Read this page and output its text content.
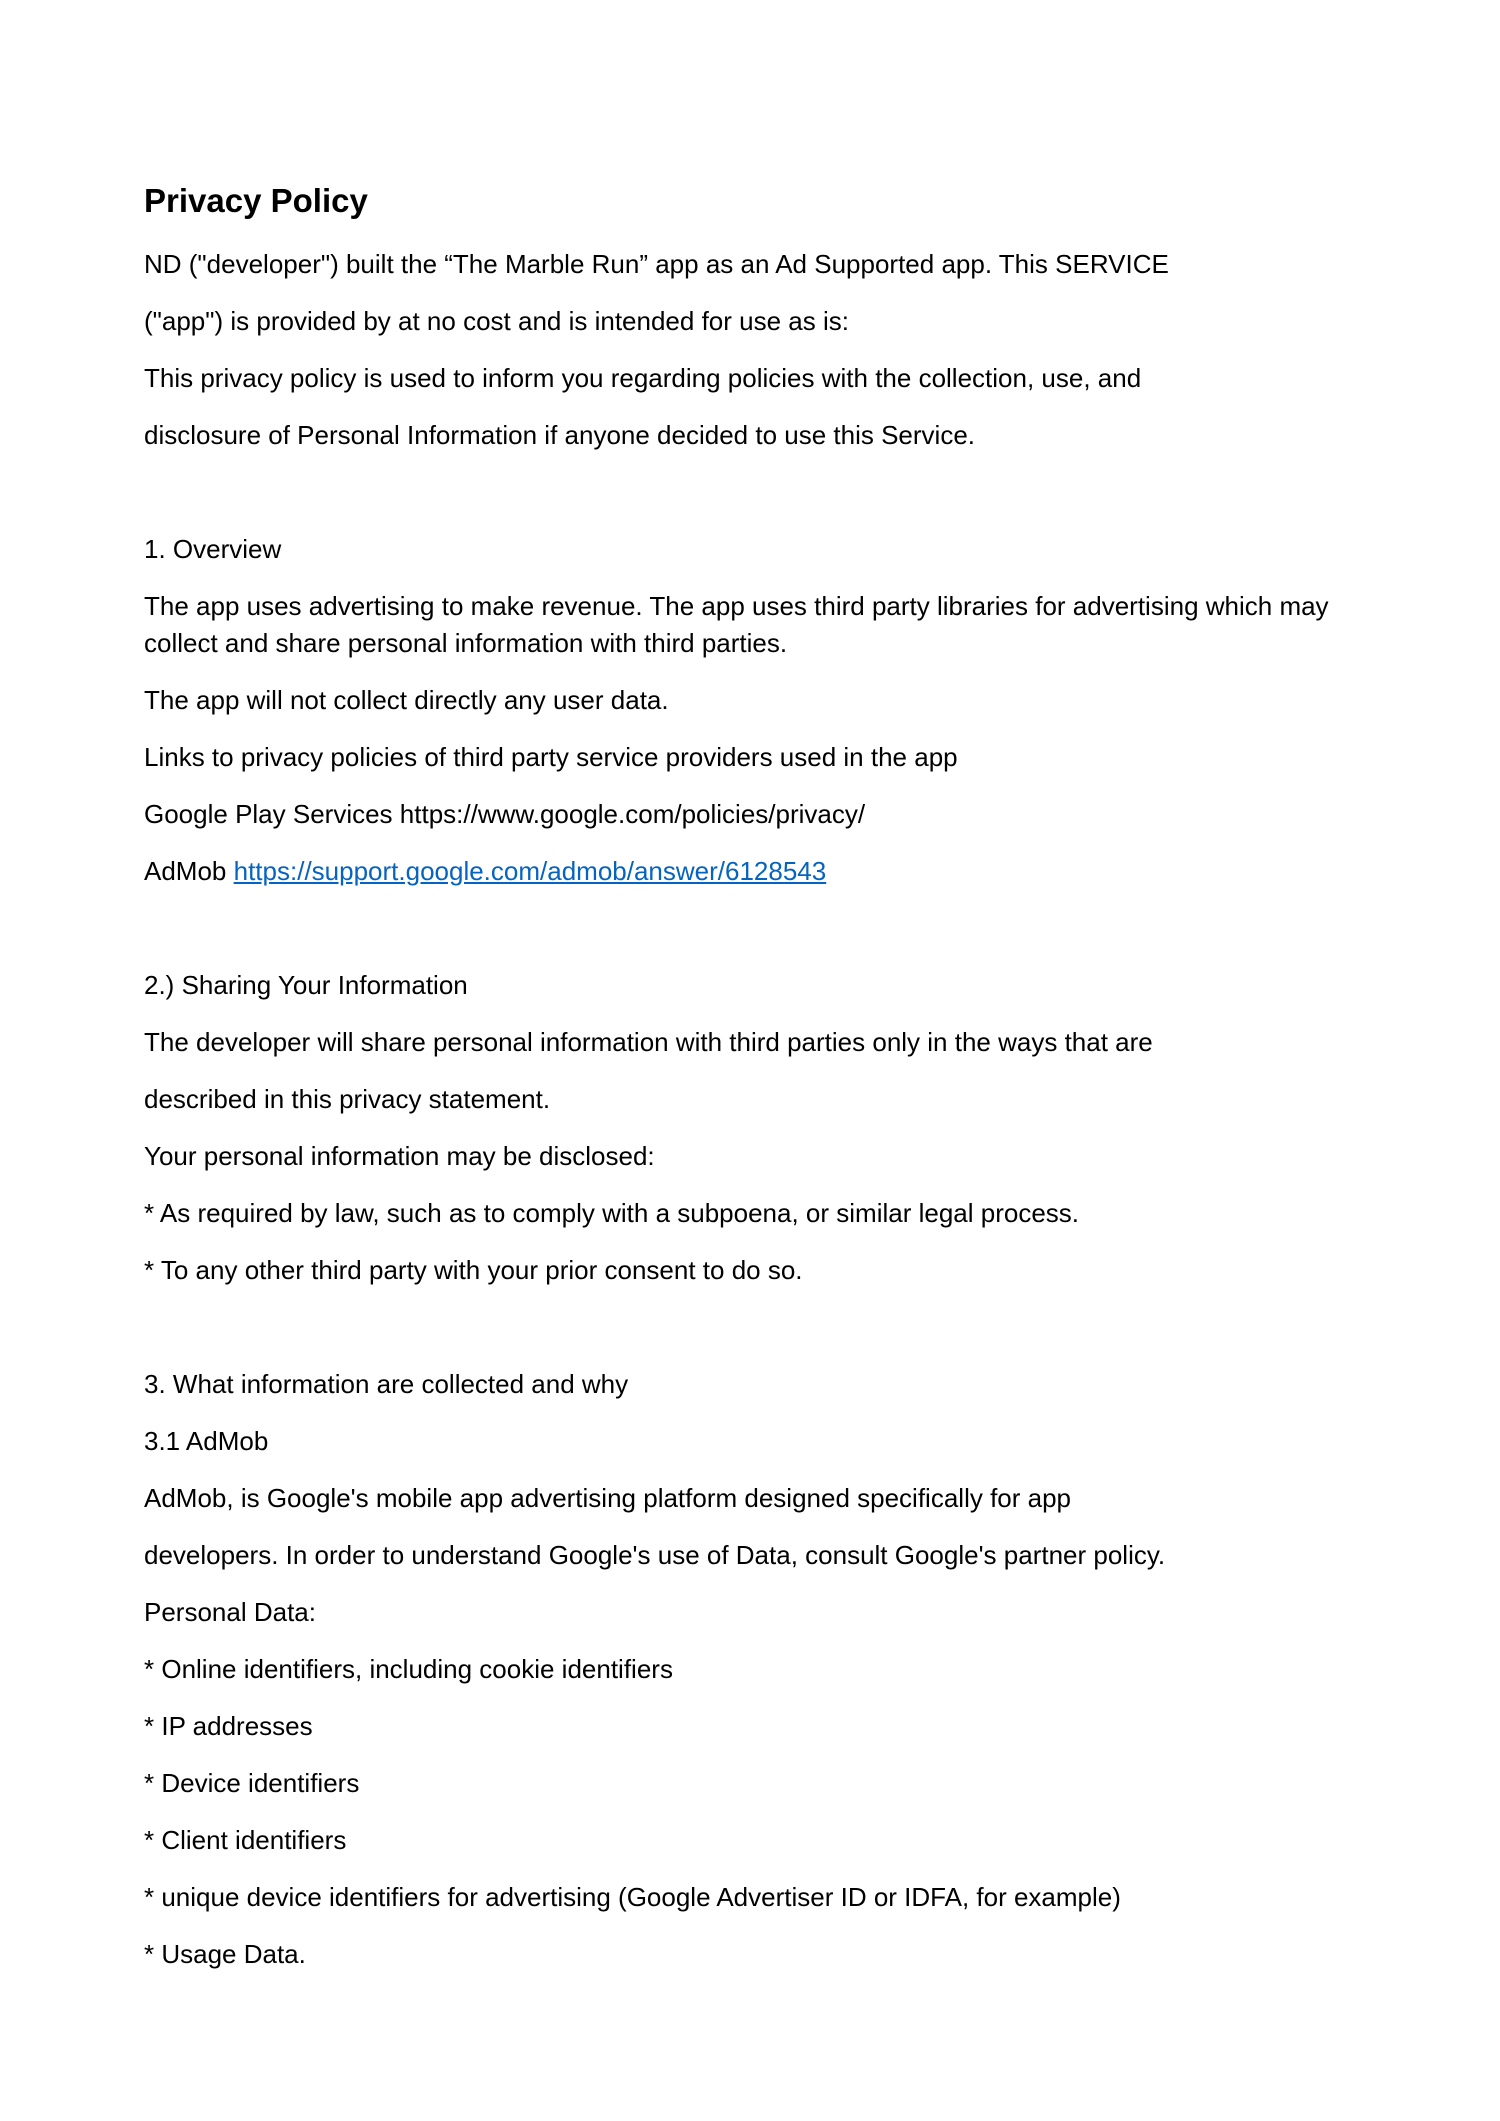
Privacy Policy
ND ("developer") built the “The Marble Run” app as an Ad Supported app. This SERVICE
("app") is provided by at no cost and is intended for use as is:
This privacy policy is used to inform you regarding policies with the collection, use, and
disclosure of Personal Information if anyone decided to use this Service.
1. Overview
The app uses advertising to make revenue. The app uses third party libraries for advertising which may
collect and share personal information with third parties.
The app will not collect directly any user data.
Links to privacy policies of third party service providers used in the app
Google Play Services https://www.google.com/policies/privacy/
AdMob https://support.google.com/admob/answer/6128543
2.) Sharing Your Information
The developer will share personal information with third parties only in the ways that are
described in this privacy statement.
Your personal information may be disclosed:
* As required by law, such as to comply with a subpoena, or similar legal process.
* To any other third party with your prior consent to do so.
3. What information are collected and why
3.1 AdMob
AdMob, is Google's mobile app advertising platform designed specifically for app
developers. In order to understand Google's use of Data, consult Google's partner policy.
Personal Data:
* Online identifiers, including cookie identifiers
* IP addresses
* Device identifiers
* Client identifiers
* unique device identifiers for advertising (Google Advertiser ID or IDFA, for example)
* Usage Data.
